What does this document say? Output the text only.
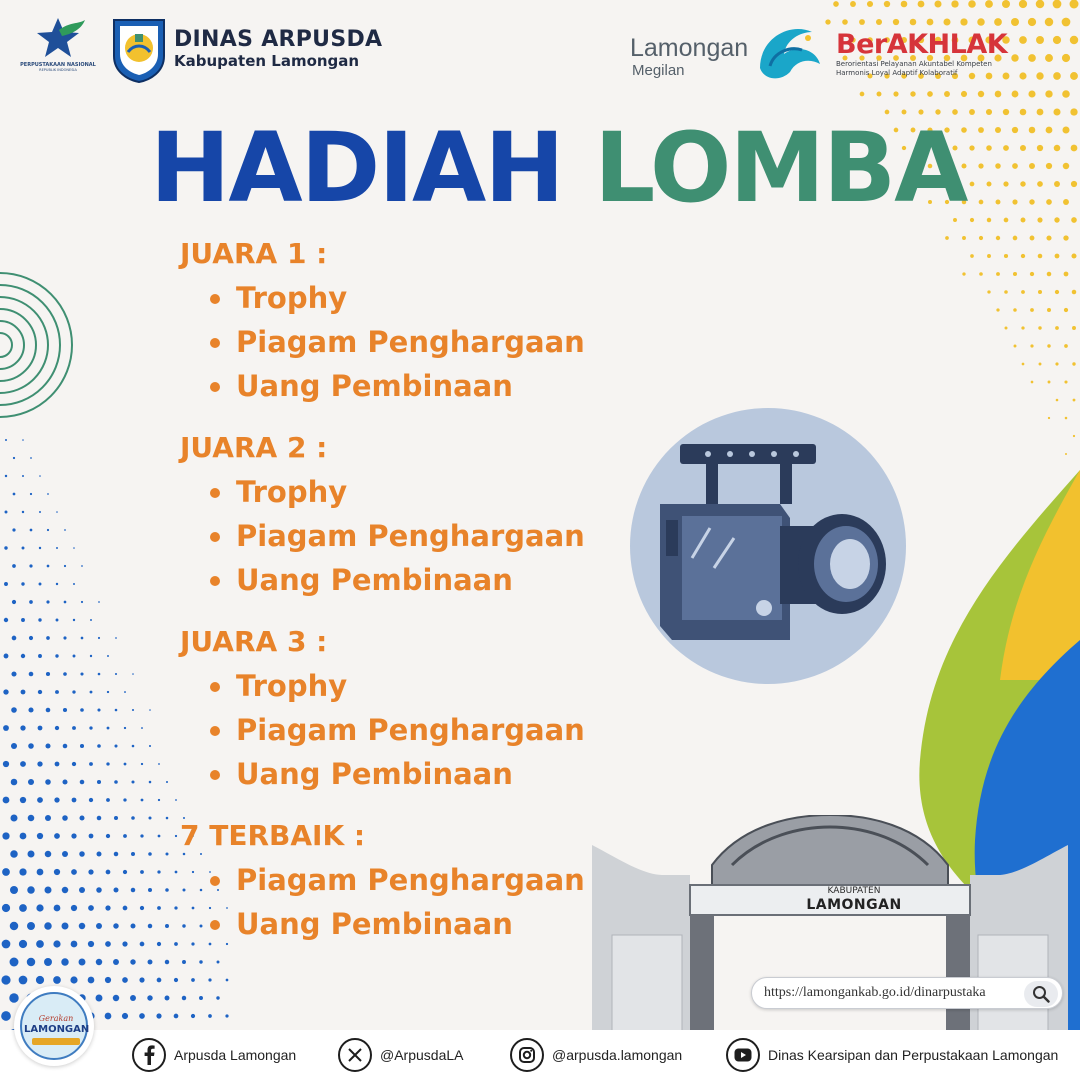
PERPUSTAKAAN NASIONAL
REPUBLIK INDONESIA
DINAS ARPUSDA
Kabupaten Lamongan	Lamongan
Megilan
BerAKHLAK
Berorientasi Pelayanan Akuntabel Kompeten
Harmonis Loyal Adaptif Kolaboratif
HADIAH LOMBA
JUARA 1 :
Trophy
Piagam Penghargaan
Uang Pembinaan
JUARA 2 :
Trophy
Piagam Penghargaan
Uang Pembinaan
JUARA 3 :
Trophy
Piagam Penghargaan
Uang Pembinaan
7 TERBAIK :
Piagam Penghargaan
Uang Pembinaan
KABUPATEN
LAMONGAN
https://lamongankab.go.id/dinarpustaka
Arpusda Lamongan	@ArpusdaLA	@arpusda.lamongan	Dinas Kearsipan dan Perpustakaan Lamongan
Gerakan
LAMONGAN
